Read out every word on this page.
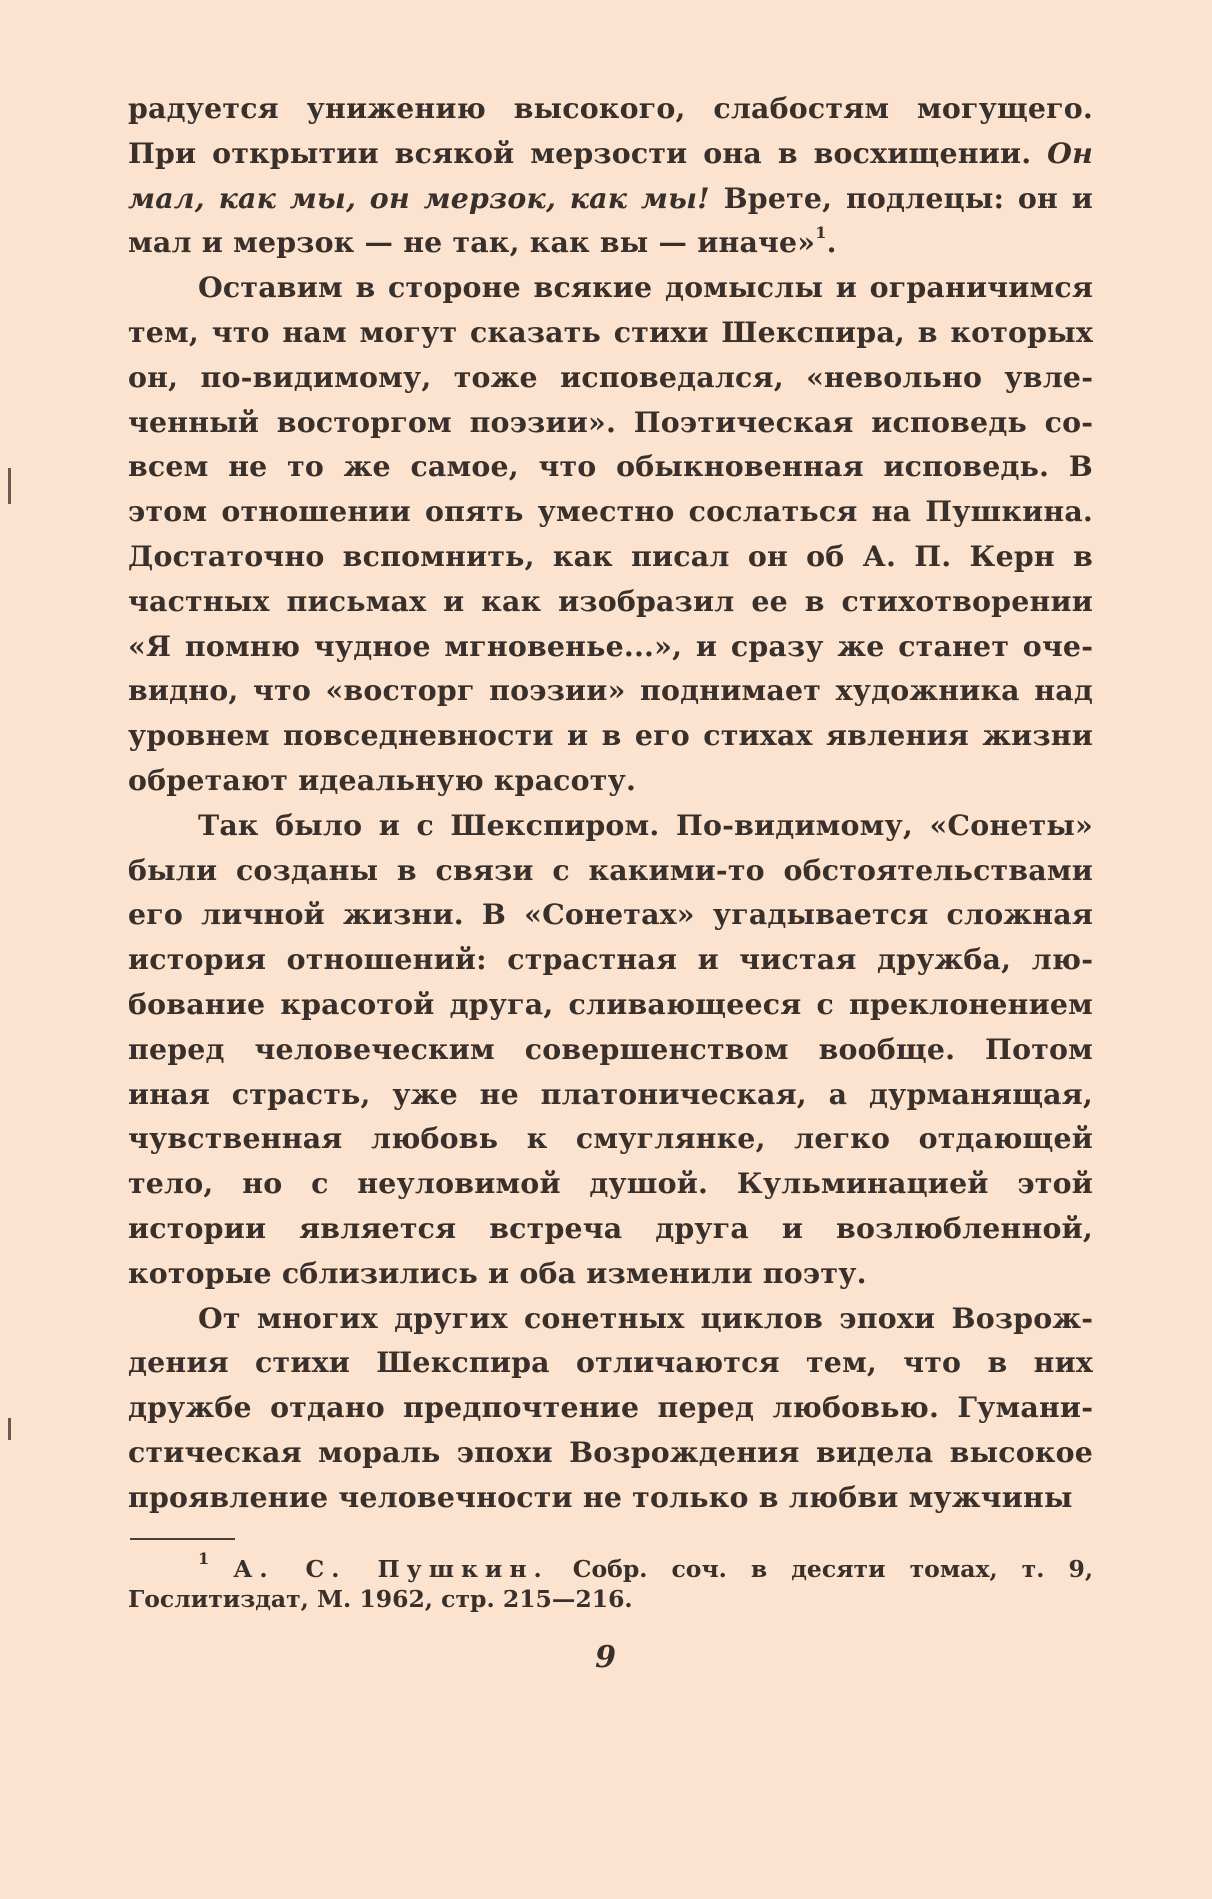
радуется унижению высокого, слабостям могущего. При открытии всякой мерзости она в восхищении. Он мал, как мы, он мерзок, как мы! Врете, подлецы: он и мал и мерзок — не так, как вы — иначе»$^1$.

Оставим в стороне всякие домыслы и ограничимся тем, что нам могут сказать стихи Шекспира, в которых он, по-видимому, тоже исповедался, «невольно увлеченный восторгом поэзии». Поэтическая исповедь совсем не то же самое, что обыкновенная исповедь. В этом отношении опять уместно сослаться на Пушкина. Достаточно вспомнить, как писал он об А. П. Керн в частных письмах и как изобразил ее в стихотворении «Я помню чудное мгновенье...», и сразу же станет очевидно, что «восторг поэзии» поднимает художника над уровнем повседневности и в его стихах явления жизни обретают идеальную красоту.

Так было и с Шекспиром. По-видимому, «Сонеты» были созданы в связи с какими-то обстоятельствами его личной жизни. В «Сонетах» угадывается сложная история отношений: страстная и чистая дружба, любование красотой друга, сливающееся с преклонением перед человеческим совершенством вообще. Потом иная страсть, уже не платоническая, а дурманящая, чувственная любовь к смуглянке, легко отдающей тело, но с неуловимой душой. Кульминацией этой истории является встреча друга и возлюбленной, которые сблизились и оба изменили поэту.

От многих других сонетных циклов эпохи Возрождения стихи Шекспира отличаются тем, что в них дружбе отдано предпочтение перед любовью. Гуманистическая мораль эпохи Возрождения видела высокое проявление человечности не только в любви мужчины

$^1$ А. С. Пушкин. Собр. соч. в десяти томах, т. 9, Гослитиздат, М. 1962, стр. 215—216.

9
